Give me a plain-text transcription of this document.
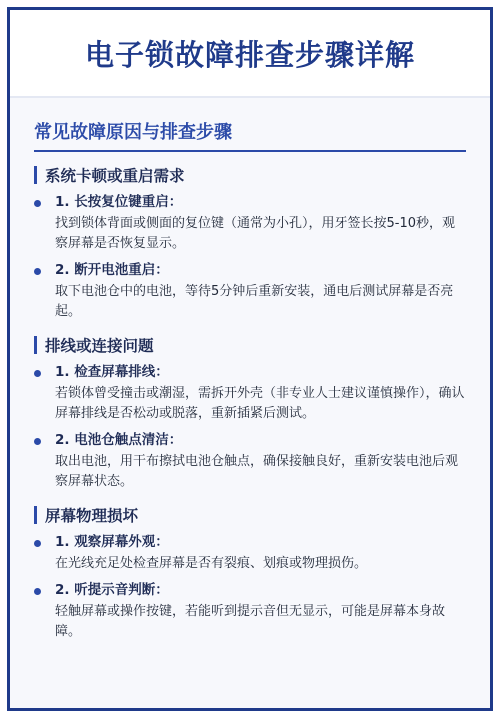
电子锁故障排查步骤详解
常见故障原因与排查步骤
系统卡顿或重启需求
1. 长按复位键重启：
找到锁体背面或侧面的复位键（通常为小孔），用牙签长按5-10秒，观察屏幕是否恢复显示。
2. 断开电池重启：
取下电池仓中的电池，等待5分钟后重新安装，通电后测试屏幕是否亮起。
排线或连接问题
1. 检查屏幕排线：
若锁体曾受撞击或潮湿，需拆开外壳（非专业人士建议谨慎操作），确认屏幕排线是否松动或脱落，重新插紧后测试。
2. 电池仓触点清洁：
取出电池，用干布擦拭电池仓触点，确保接触良好，重新安装电池后观察屏幕状态。
屏幕物理损坏
1. 观察屏幕外观：
在光线充足处检查屏幕是否有裂痕、划痕或物理损伤。
2. 听提示音判断：
轻触屏幕或操作按键，若能听到提示音但无显示，可能是屏幕本身故障。
